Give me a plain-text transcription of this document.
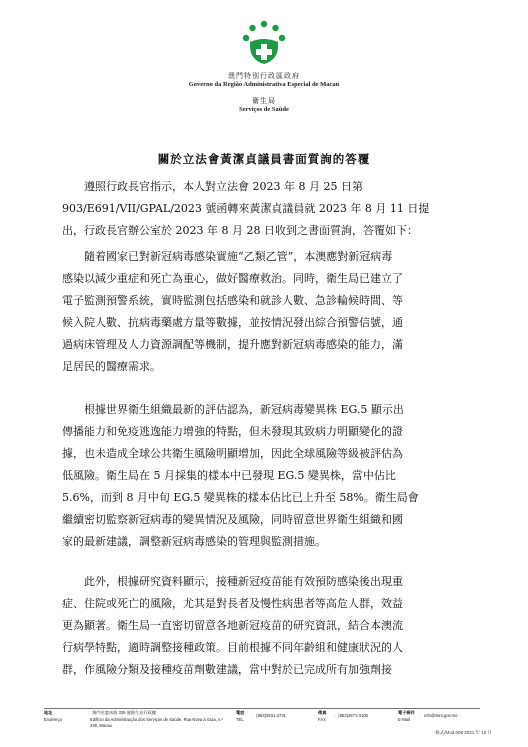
澳門特別行政區政府
Governo da Região Administrativa Especial de Macau
衛生局
Serviços de Saúde
關於立法會黃潔貞議員書面質詢的答覆
遵照行政長官指示，本人對立法會 2023 年 8 月 25 日第
903/E691/VII/GPAL/2023 號函轉來黃潔貞議員就 2023 年 8 月 11 日提
出，行政長官辦公室於 2023 年 8 月 28 日收到之書面質詢，答覆如下：
隨着國家已對新冠病毒感染實施“乙類乙管”，本澳應對新冠病毒
感染以減少重症和死亡為重心，做好醫療救治。同時，衛生局已建立了
電子監測預警系統，實時監測包括感染和就診人數、急診輪候時間、等
候入院人數、抗病毒藥處方量等數據，並按情況發出綜合預警信號，通
過病床管理及人力資源調配等機制，提升應對新冠病毒感染的能力，滿
足居民的醫療需求。
根據世界衛生組織最新的評估認為，新冠病毒變異株 EG.5 顯示出
傳播能力和免疫逃逸能力增強的特點，但未發現其致病力明顯變化的證
據，也未造成全球公共衛生風險明顯增加，因此全球風險等級被評估為
低風險。衛生局在 5 月採集的樣本中已發現 EG.5 變異株，當中佔比
5.6%，而到 8 月中旬 EG.5 變異株的樣本佔比已上升至 58%。衛生局會
繼續密切監察新冠病毒的變異情況及風險，同時留意世界衛生組織和國
家的最新建議，調整新冠病毒感染的管理與監測措施。
此外，根據研究資料顯示，接種新冠疫苗能有效預防感染後出現重
症、住院或死亡的風險，尤其是對長者及慢性病患者等高危人群，效益
更為顯著。衛生局一直密切留意各地新冠疫苗的研究資訊，結合本澳流
行病學特點，適時調整接種政策。目前根據不同年齡組和健康狀況的人
群，作風險分類及接種疫苗劑數建議，當中對於已完成所有加強劑接
地址
Endereço
：澳門若憲馬路 339 號衛生局行政樓
Edifício da Administração dos Serviços de Saúde, Rua Nova à Guia, n.º 339, Macau
電話
TEL
：(853)2831-3731
傳真
FAX
：(853)2871-3105
電子郵件
E-Mail
：info@ssm.gov.mo
格式/Mod.008 2021 年 10 月
